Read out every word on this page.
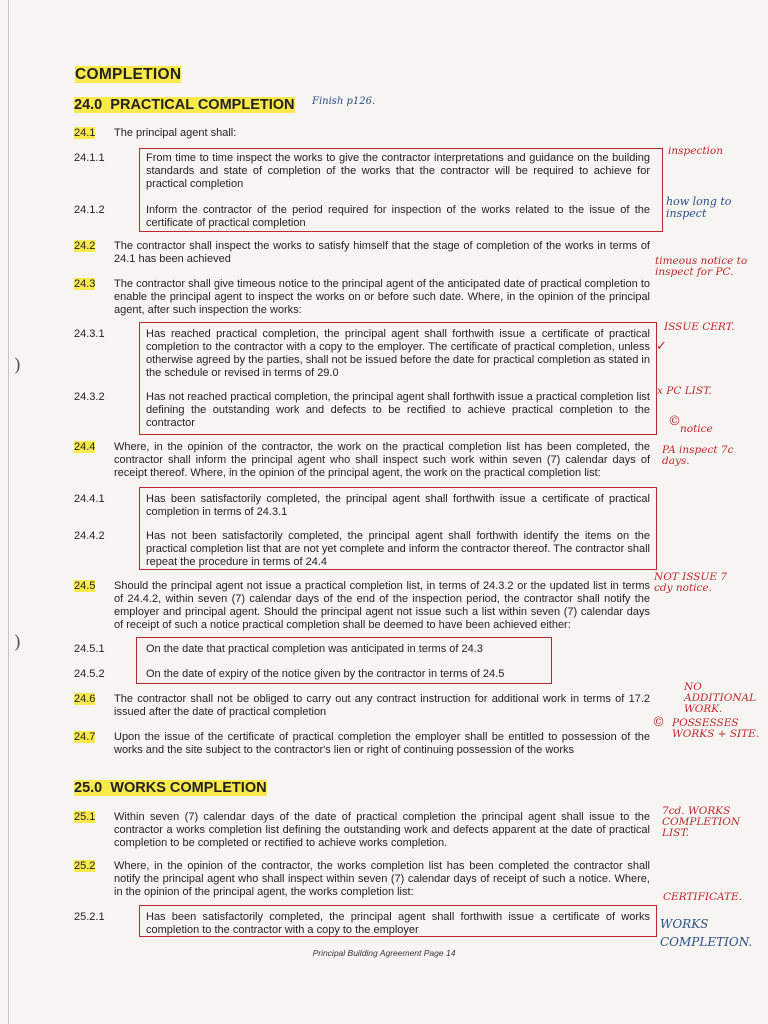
)
)
COMPLETION
24.0 PRACTICAL COMPLETION Finish p126.
24.1 The principal agent shall:
24.1.1	From time to time inspect the works to give the contractor interpretations and guidance on the building standards and state of completion of the works that the contractor will be required to achieve for practical completion
24.1.2	Inform the contractor of the period required for inspection of the works related to the issue of the certificate of practical completion
24.2 The contractor shall inspect the works to satisfy himself that the stage of completion of the works in terms of 24.1 has been achieved
24.3 The contractor shall give timeous notice to the principal agent of the anticipated date of practical completion to enable the principal agent to inspect the works on or before such date. Where, in the opinion of the principal agent, after such inspection the works:
24.3.1	Has reached practical completion, the principal agent shall forthwith issue a certificate of practical completion to the contractor with a copy to the employer. The certificate of practical completion, unless otherwise agreed by the parties, shall not be issued before the date for practical completion as stated in the schedule or revised in terms of 29.0
24.3.2	Has not reached practical completion, the principal agent shall forthwith issue a practical completion list defining the outstanding work and defects to be rectified to achieve practical completion to the contractor
24.4 Where, in the opinion of the contractor, the work on the practical completion list has been completed, the contractor shall inform the principal agent who shall inspect such work within seven (7) calendar days of receipt thereof. Where, in the opinion of the principal agent, the work on the practical completion list:
24.4.1	Has been satisfactorily completed, the principal agent shall forthwith issue a certificate of practical completion in terms of 24.3.1
24.4.2	Has not been satisfactorily completed, the principal agent shall forthwith identify the items on the practical completion list that are not yet complete and inform the contractor thereof. The contractor shall repeat the procedure in terms of 24.4
24.5 Should the principal agent not issue a practical completion list, in terms of 24.3.2 or the updated list in terms of 24.4.2, within seven (7) calendar days of the end of the inspection period, the contractor shall notify the employer and principal agent. Should the principal agent not issue such a list within seven (7) calendar days of receipt of such a notice practical completion shall be deemed to have been achieved either:
24.5.1	On the date that practical completion was anticipated in terms of 24.3
24.5.2	On the date of expiry of the notice given by the contractor in terms of 24.5
24.6 The contractor shall not be obliged to carry out any contract instruction for additional work in terms of 17.2 issued after the date of practical completion
24.7 Upon the issue of the certificate of practical completion the employer shall be entitled to possession of the works and the site subject to the contractor's lien or right of continuing possession of the works
25.0 WORKS COMPLETION
25.1 Within seven (7) calendar days of the date of practical completion the principal agent shall issue to the contractor a works completion list defining the outstanding work and defects apparent at the date of practical completion to be completed or rectified to achieve works completion.
25.2 Where, in the opinion of the contractor, the works completion list has been completed the contractor shall notify the principal agent who shall inspect within seven (7) calendar days of receipt of such a notice. Where, in the opinion of the principal agent, the works completion list:
25.2.1	Has been satisfactorily completed, the principal agent shall forthwith issue a certificate of works completion to the contractor with a copy to the employer
Principal Building Agreement Page 14
inspection
how long to inspect
timeous notice to inspect for PC.
ISSUE CERT.
✓
x PC LIST.
© notice
PA inspect 7c days.
NOT ISSUE 7 cdy notice.
NO ADDITIONAL WORK.
© POSSESSES WORKS + SITE.
7cd. WORKS COMPLETION LIST.
CERTIFICATE.
WORKS COMPLETION.
